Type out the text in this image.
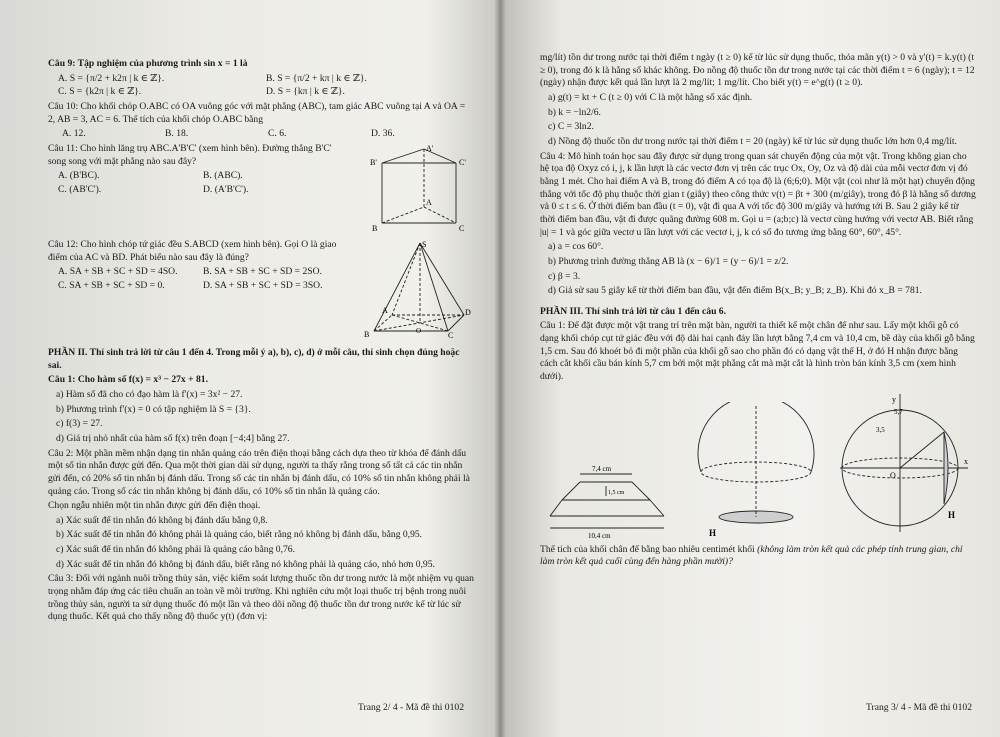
Câu 9: Tập nghiệm của phương trình sin x = 1 là

A. S = {π/2 + k2π | k ∈ ℤ}.	B. S = {π/2 + kπ | k ∈ ℤ}.
C. S = {k2π | k ∈ ℤ}.	D. S = {kπ | k ∈ ℤ}.

Câu 10: Cho khối chóp O.ABC có OA vuông góc với mặt phẳng (ABC), tam giác ABC vuông tại A và OA = 2, AB = 3, AC = 6. Thể tích của khối chóp O.ABC bằng

A. 12.	B. 18.	C. 6.	D. 36.

Câu 11: Cho hình lăng trụ ABC.A'B'C' (xem hình bên). Đường thẳng B'C' song song với mặt phẳng nào sau đây?

A. (B'BC).	B. (ABC).
C. (AB'C').	D. (A'B'C').
A'
B'	C'
A
B	C

Câu 12: Cho hình chóp tứ giác đều S.ABCD (xem hình bên). Gọi O là giao điểm của AC và BD. Phát biểu nào sau đây là đúng?

A. SA + SB + SC + SD = 4SO.	B. SA + SB + SC + SD = 2SO.
C. SA + SB + SC + SD = 0.	D. SA + SB + SC + SD = 3SO.
S
A
B	C
D
O

PHẦN II. Thí sinh trả lời từ câu 1 đến 4. Trong mỗi ý a), b), c), d) ở mỗi câu, thí sinh chọn đúng hoặc sai.

Câu 1: Cho hàm số f(x) = x³ − 27x + 81.

a) Hàm số đã cho có đạo hàm là f'(x) = 3x² − 27.

b) Phương trình f'(x) = 0 có tập nghiệm là S = {3}.

c) f(3) = 27.

d) Giá trị nhỏ nhất của hàm số f(x) trên đoạn [−4;4] bằng 27.

Câu 2: Một phần mềm nhận dạng tin nhắn quảng cáo trên điện thoại bằng cách dựa theo từ khóa để đánh dấu một số tin nhắn được gửi đến. Qua một thời gian dài sử dụng, người ta thấy rằng trong số tất cả các tin nhắn gửi đến, có 20% số tin nhắn bị đánh dấu. Trong số các tin nhắn bị đánh dấu, có 10% số tin nhắn không phải là quảng cáo. Trong số các tin nhắn không bị đánh dấu, có 10% số tin nhắn là quảng cáo.

Chọn ngẫu nhiên một tin nhắn được gửi đến điện thoại.

a) Xác suất để tin nhắn đó không bị đánh dấu bằng 0,8.

b) Xác suất để tin nhắn đó không phải là quảng cáo, biết rằng nó không bị đánh dấu, bằng 0,95.

c) Xác suất để tin nhắn đó không phải là quảng cáo bằng 0,76.

d) Xác suất để tin nhắn đó không bị đánh dấu, biết rằng nó không phải là quảng cáo, nhỏ hơn 0,95.

Câu 3: Đối với ngành nuôi trồng thủy sản, việc kiểm soát lượng thuốc tồn dư trong nước là một nhiệm vụ quan trọng nhằm đáp ứng các tiêu chuẩn an toàn về môi trường. Khi nghiên cứu một loại thuốc trị bệnh trong nuôi trồng thủy sản, người ta sử dụng thuốc đó một lần và theo dõi nồng độ thuốc tồn dư trong nước kể từ lúc sử dụng thuốc. Kết quả cho thấy nồng độ thuốc y(t) (đơn vị:

Trang 2/ 4 - Mã đề thi 0102

mg/lít) tồn dư trong nước tại thời điểm t ngày (t ≥ 0) kể từ lúc sử dụng thuốc, thỏa mãn y(t) > 0 và y'(t) = k.y(t) (t ≥ 0), trong đó k là hằng số khác không. Đo nồng độ thuốc tồn dư trong nước tại các thời điểm t = 6 (ngày); t = 12 (ngày) nhận được kết quả lần lượt là 2 mg/lít; 1 mg/lít. Cho biết y(t) = e^g(t) (t ≥ 0).

a) g(t) = kt + C (t ≥ 0) với C là một hằng số xác định.

b) k = −ln2/6.

c) C = 3ln2.

d) Nồng độ thuốc tồn dư trong nước tại thời điểm t = 20 (ngày) kể từ lúc sử dụng thuốc lớn hơn 0,4 mg/lít.

Câu 4: Mô hình toán học sau đây được sử dụng trong quan sát chuyển động của một vật. Trong không gian cho hệ tọa độ Oxyz có i, j, k lần lượt là các vectơ đơn vị trên các trục Ox, Oy, Oz và độ dài của mỗi vectơ đơn vị đó bằng 1 mét. Cho hai điểm A và B, trong đó điểm A có tọa độ là (6;6;0). Một vật (coi như là một hạt) chuyển động thẳng với tốc độ phụ thuộc thời gian t (giây) theo công thức v(t) = βt + 300 (m/giây), trong đó β là hằng số dương và 0 ≤ t ≤ 6. Ở thời điểm ban đầu (t = 0), vật đi qua A với tốc độ 300 m/giây và hướng tới B. Sau 2 giây kể từ thời điểm ban đầu, vật đi được quãng đường 608 m. Gọi u = (a;b;c) là vectơ cùng hướng với vectơ AB. Biết rằng |u| = 1 và góc giữa vectơ u lần lượt với các vectơ i, j, k có số đo tương ứng bằng 60°, 60°, 45°.

a) a = cos 60°.

b) Phương trình đường thẳng AB là (x − 6)/1 = (y − 6)/1 = z/2.

c) β = 3.

d) Giả sử sau 5 giây kể từ thời điểm ban đầu, vật đến điểm B(x_B; y_B; z_B). Khi đó x_B = 781.

PHẦN III. Thí sinh trả lời từ câu 1 đến câu 6.

Câu 1: Để đặt được một vật trang trí trên mặt bàn, người ta thiết kế một chân đế như sau. Lấy một khối gỗ có dạng khối chóp cụt tứ giác đều với độ dài hai cạnh đáy lần lượt bằng 7,4 cm và 10,4 cm, bề dày của khối gỗ bằng 1,5 cm. Sau đó khoét bỏ đi một phần của khối gỗ sao cho phần đó có dạng vật thể H, ở đó H nhận được bằng cách cắt khối cầu bán kính 5,7 cm bởi một mặt phẳng cắt mà mặt cắt là hình tròn bán kính 3,5 cm (xem hình dưới).

7,4 cm
10,4 cm
1,5 cm
H
y
5,7
3,5
O
x
H

Thể tích của khối chân đế bằng bao nhiêu centimét khối (không làm tròn kết quả các phép tính trung gian, chỉ làm tròn kết quả cuối cùng đến hàng phần mười)?

Trang 3/ 4 - Mã đề thi 0102
